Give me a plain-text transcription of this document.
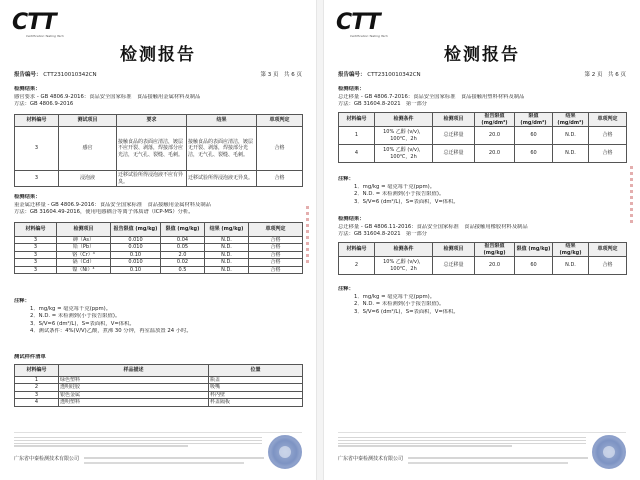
CTT
Certification Testing Tech
检测报告
报告编号： CTT2310010342CN	第 3 页　共 6 页
检测结果：
感官要求 - GB 4806.9-2016：食品安全国家标准　食品接触用金属材料及制品
方法：GB 4806.9-2016
材料编号	测试项目	要求	结果	单项判定
3	感官	接触食品的表面应清洁，镀层不应开裂、剥落，焊接部分应光洁，无气孔、裂缝、毛刺。	接触食品的表面应清洁，镀层无开裂、剥落，焊接部分光洁，无气孔、裂缝、毛刺。	合格
3	浸泡液	迁移试验所得浸泡液不应有异臭。	迁移试验所得浸泡液无异臭。	合格
检测结果：
重金属迁移量 - GB 4806.9-2016：食品安全国家标准　食品接触用金属材料及制品
方法：GB 31604.49-2016，使用电感耦合等离子体质谱（ICP-MS）分析。
材料编号	检测项目	报告限值 (mg/kg)	限值 (mg/kg)	结果 (mg/kg)	单项判定
3	砷（As）	0.010	0.04	N.D.	合格
3	铅（Pb）	0.010	0.05	N.D.	合格
3	铬（Cr）⁴	0.10	2.0	N.D.	合格
3	镉（Cd）	0.010	0.02	N.D.	合格
3	镍（Ni）⁴	0.10	0.5	N.D.	合格
注释：
1．mg/kg = 毫克每千克(ppm)。
2．N.D. = 未检测到(小于报告限值)。
3．S/V=6 (dm²/L)，S=表面积，V=体积。
4．测试条件：4%(V/V)乙酸，煮沸 30 分钟，再室温放置 24 小时。
测试样件清单
材料编号	样品描述	位置
1	绿色塑料	瓶盖
2	透明硅胶	吸嘴
3	银色金属	杯内壁
4	透明塑料	杯盖隔板
广东省中秦检测技术有限公司
CTT
Certification Testing Tech
检测报告
报告编号： CTT2310010342CN	第 2 页　共 6 页
检测结果：
总迁移量 - GB 4806.7-2016：食品安全国家标准　食品接触用塑料材料及制品
方法：GB 31604.8-2021　第一部分
材料编号	检测条件	检测项目	报告限值 (mg/dm²)	限值 (mg/dm²)	结果 (mg/dm²)	单项判定
1	10% 乙醇 (v/v)，100℃，2h	总迁移量	20.0	60	N.D.	合格
4	10% 乙醇 (v/v)，100℃，2h	总迁移量	20.0	60	N.D.	合格
注释：
1．mg/kg = 毫克每千克(ppm)。
2．N.D. = 未检测到(小于报告限值)。
3．S/V=6 (dm²/L)，S=表面积，V=体积。
检测结果：
总迁移量 - GB 4806.11-2016：食品安全国家标准　食品接触用橡胶材料及制品
方法：GB 31604.8-2021　第一部分
材料编号	检测条件	检测项目	报告限值 (mg/kg)	限值 (mg/kg)	结果 (mg/kg)	单项判定
2	10% 乙醇 (v/v)，100℃，2h	总迁移量	20.0	60	N.D.	合格
注释：
1．mg/kg = 毫克每千克(ppm)。
2．N.D. = 未检测到(小于报告限值)。
3．S/V=6 (dm²/L)，S=表面积，V=体积。
广东省中秦检测技术有限公司
